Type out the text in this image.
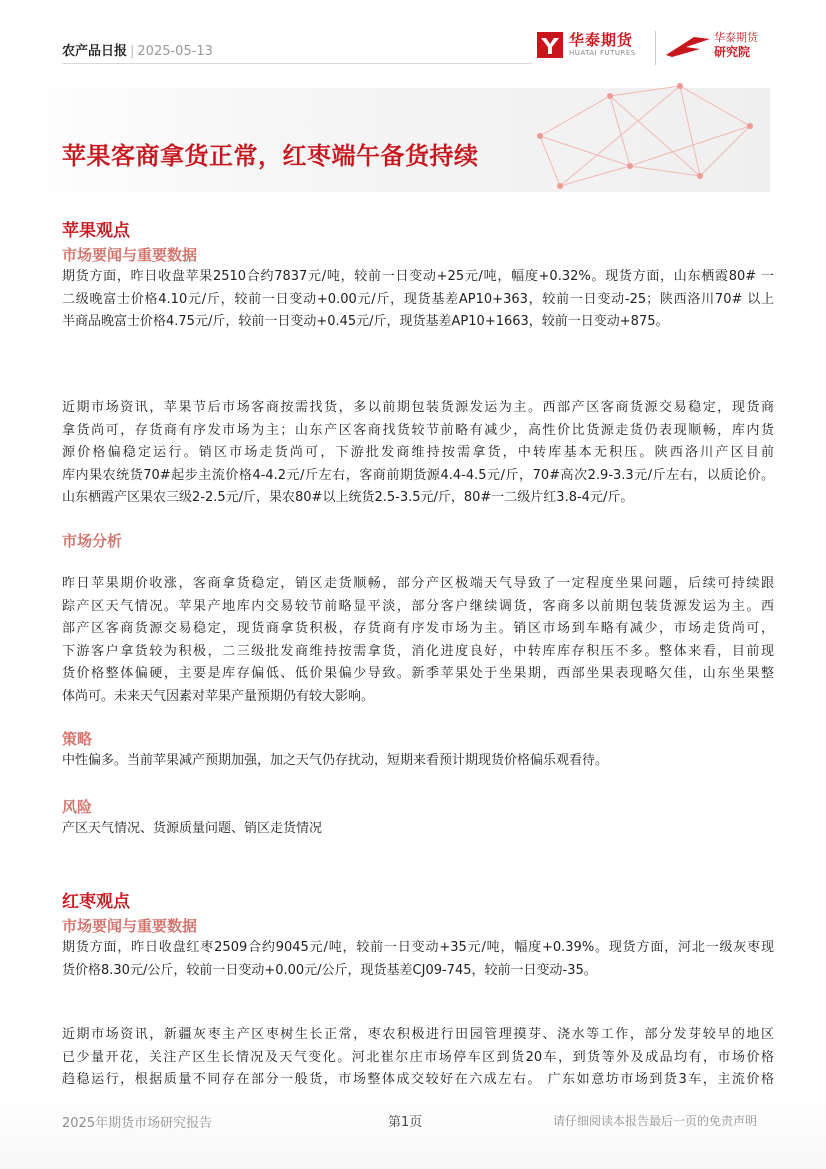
农产品日报 | 2025-05-13
华泰期货
HUATAI FUTURES
华泰期货
研究院
苹果客商拿货正常，红枣端午备货持续
苹果观点
市场要闻与重要数据
期货方面，昨日收盘苹果2510合约7837元/吨，较前一日变动+25元/吨，幅度+0.32%。现货方面，山东栖霞80# 一
二级晚富士价格4.10元/斤，较前一日变动+0.00元/斤，现货基差AP10+363，较前一日变动-25；陕西洛川70# 以上
半商品晚富士价格4.75元/斤，较前一日变动+0.45元/斤，现货基差AP10+1663，较前一日变动+875。
近期市场资讯，苹果节后市场客商按需找货，多以前期包装货源发运为主。西部产区客商货源交易稳定，现货商
拿货尚可，存货商有序发市场为主；山东产区客商找货较节前略有减少，高性价比货源走货仍表现顺畅，库内货
源价格偏稳定运行。销区市场走货尚可，下游批发商维持按需拿货，中转库基本无积压。陕西洛川产区目前
库内果农统货70#起步主流价格4-4.2元/斤左右，客商前期货源4.4-4.5元/斤，70#高次2.9-3.3元/斤左右，以质论价。
山东栖霞产区果农三级2-2.5元/斤，果农80#以上统货2.5-3.5元/斤，80#一二级片红3.8-4元/斤。
市场分析
昨日苹果期价收涨，客商拿货稳定，销区走货顺畅，部分产区极端天气导致了一定程度坐果问题，后续可持续跟
踪产区天气情况。苹果产地库内交易较节前略显平淡，部分客户继续调货，客商多以前期包装货源发运为主。西
部产区客商货源交易稳定，现货商拿货积极，存货商有序发市场为主。销区市场到车略有减少，市场走货尚可，
下游客户拿货较为积极，二三级批发商维持按需拿货，消化进度良好，中转库库存积压不多。整体来看，目前现
货价格整体偏硬，主要是库存偏低、低价果偏少导致。新季苹果处于坐果期，西部坐果表现略欠佳，山东坐果整
体尚可。未来天气因素对苹果产量预期仍有较大影响。
策略
中性偏多。当前苹果减产预期加强，加之天气仍存扰动，短期来看预计期现货价格偏乐观看待。
风险
产区天气情况、货源质量问题、销区走货情况
红枣观点
市场要闻与重要数据
期货方面，昨日收盘红枣2509合约9045元/吨，较前一日变动+35元/吨，幅度+0.39%。现货方面，河北一级灰枣现
货价格8.30元/公斤，较前一日变动+0.00元/公斤，现货基差CJ09-745，较前一日变动-35。
近期市场资讯，新疆灰枣主产区枣树生长正常，枣农积极进行田园管理摸芽、浇水等工作，部分发芽较早的地区
已少量开花，关注产区生长情况及天气变化。河北崔尔庄市场停车区到货20车，到货等外及成品均有，市场价格
趋稳运行，根据质量不同存在部分一般货，市场整体成交较好在六成左右。 广东如意坊市场到货3车，主流价格
2025年期货市场研究报告	第1页	请仔细阅读本报告最后一页的免责声明
